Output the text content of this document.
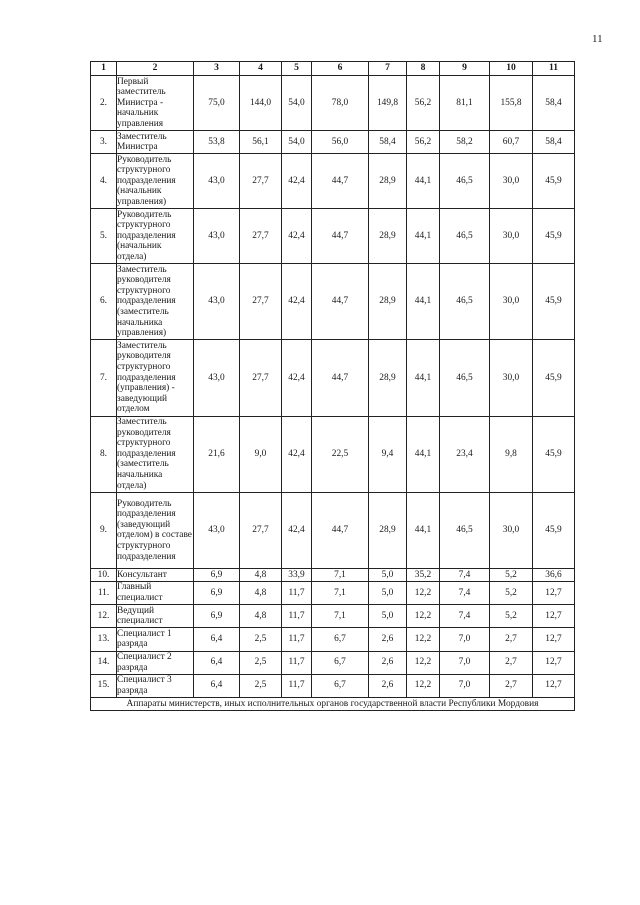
11
1	2	3	4	5	6	7	8	9	10	11
2.	Первый заместитель Министра - начальник управления	75,0	144,0	54,0	78,0	149,8	56,2	81,1	155,8	58,4
3.	Заместитель Министра	53,8	56,1	54,0	56,0	58,4	56,2	58,2	60,7	58,4
4.	Руководитель структурного подразделения (начальник управления)	43,0	27,7	42,4	44,7	28,9	44,1	46,5	30,0	45,9
5.	Руководитель структурного подразделения (начальник отдела)	43,0	27,7	42,4	44,7	28,9	44,1	46,5	30,0	45,9
6.	Заместитель руководителя структурного подразделения (заместитель начальника управления)	43,0	27,7	42,4	44,7	28,9	44,1	46,5	30,0	45,9
7.	Заместитель руководителя структурного подразделения (управления) - заведующий отделом	43,0	27,7	42,4	44,7	28,9	44,1	46,5	30,0	45,9
8.	Заместитель руководителя структурного подразделения (заместитель начальника отдела)	21,6	9,0	42,4	22,5	9,4	44,1	23,4	9,8	45,9
9.	Руководитель подразделения (заведующий отделом) в составе структурного подразделения	43,0	27,7	42,4	44,7	28,9	44,1	46,5	30,0	45,9
10.	Консультант	6,9	4,8	33,9	7,1	5,0	35,2	7,4	5,2	36,6
11.	Главный специалист	6,9	4,8	11,7	7,1	5,0	12,2	7,4	5,2	12,7
12.	Ведущий специалист	6,9	4,8	11,7	7,1	5,0	12,2	7,4	5,2	12,7
13.	Специалист 1 разряда	6,4	2,5	11,7	6,7	2,6	12,2	7,0	2,7	12,7
14.	Специалист 2 разряда	6,4	2,5	11,7	6,7	2,6	12,2	7,0	2,7	12,7
15.	Специалист 3 разряда	6,4	2,5	11,7	6,7	2,6	12,2	7,0	2,7	12,7
Аппараты министерств, иных исполнительных органов государственной власти Республики Мордовия										
